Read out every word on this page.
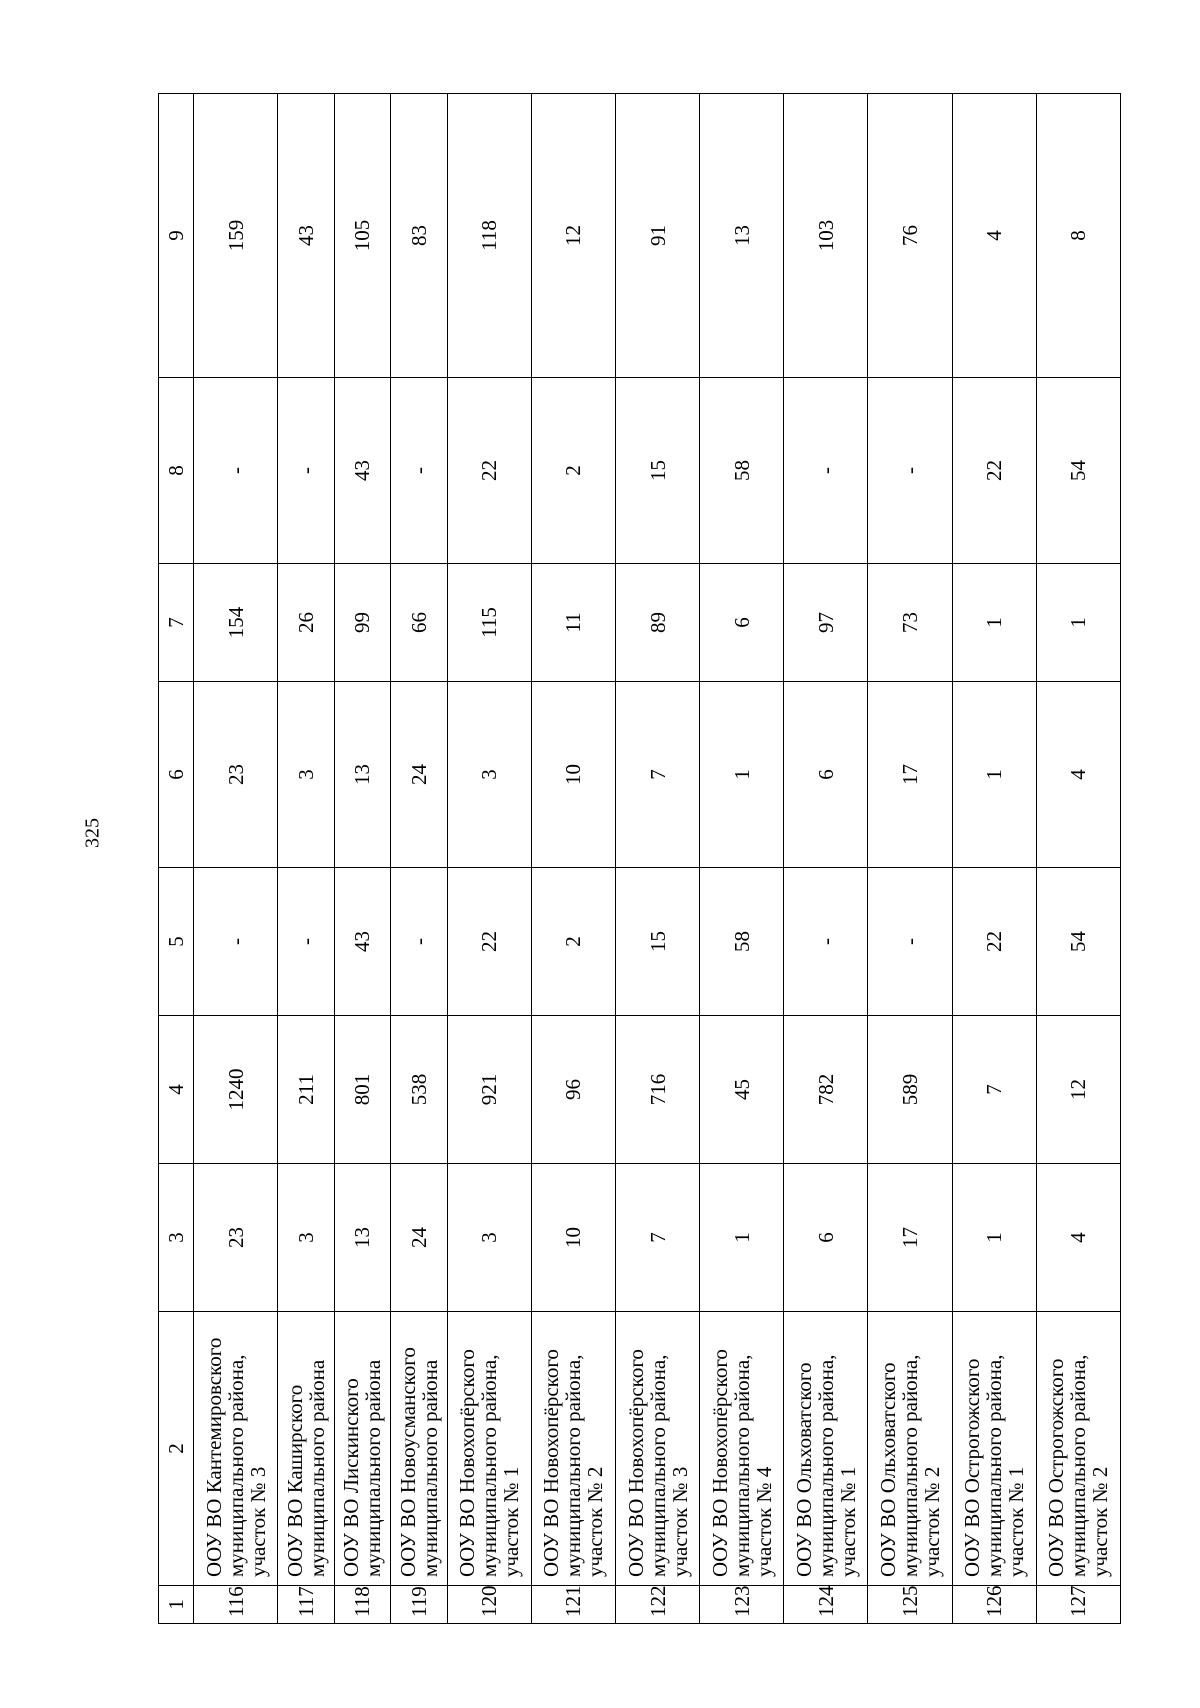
325
1	2	3	4	5	6	7	8	9
116	ООУ ВО Кантемировского муниципального района, участок № 3	23	1240	-	23	154	-	159
117	ООУ ВО Каширского муниципального района	3	211	-	3	26	-	43
118	ООУ ВО Лискинского муниципального района	13	801	43	13	99	43	105
119	ООУ ВО Новоусманского муниципального района	24	538	-	24	66	-	83
120	ООУ ВО Новохопёрского муниципального района, участок № 1	3	921	22	3	115	22	118
121	ООУ ВО Новохопёрского муниципального района, участок № 2	10	96	2	10	11	2	12
122	ООУ ВО Новохопёрского муниципального района, участок № 3	7	716	15	7	89	15	91
123	ООУ ВО Новохопёрского муниципального района, участок № 4	1	45	58	1	6	58	13
124	ООУ ВО Ольховатского муниципального района, участок № 1	6	782	-	6	97	-	103
125	ООУ ВО Ольховатского муниципального района, участок № 2	17	589	-	17	73	-	76
126	ООУ ВО Острогожского муниципального района, участок № 1	1	7	22	1	1	22	4
127	ООУ ВО Острогожского муниципального района, участок № 2	4	12	54	4	1	54	8
